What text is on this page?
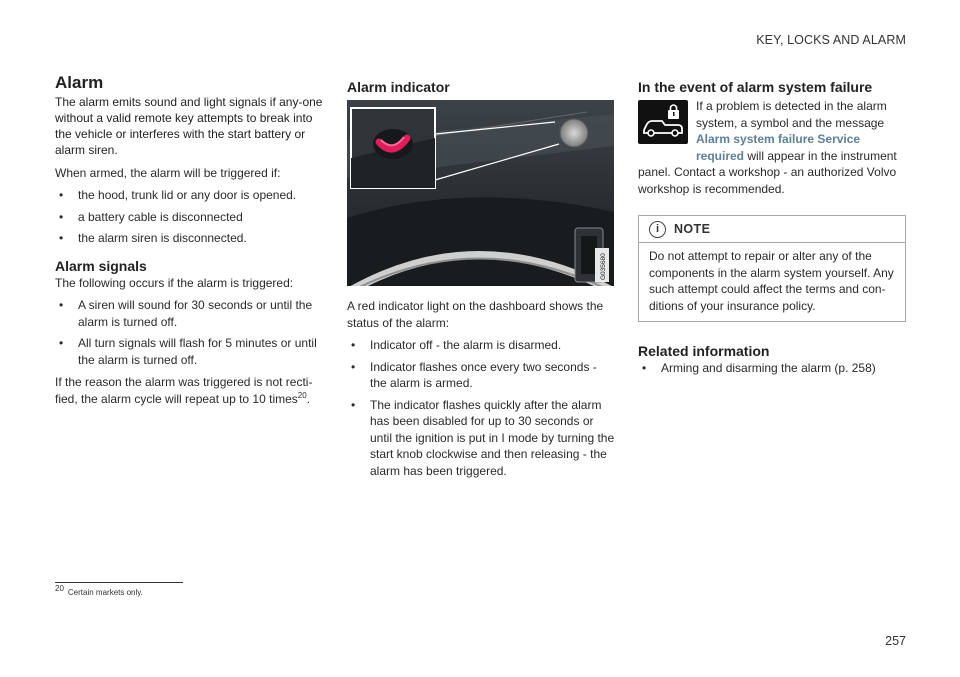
KEY, LOCKS AND ALARM
Alarm

The alarm emits sound and light signals if any-one without a valid remote key attempts to break into the vehicle or interferes with the start battery or alarm siren.

When armed, the alarm will be triggered if:

• the hood, trunk lid or any door is opened.
• a battery cable is disconnected
• the alarm siren is disconnected.
Alarm signals

The following occurs if the alarm is triggered:

• A siren will sound for 30 seconds or until the alarm is turned off.
• All turn signals will flash for 5 minutes or until the alarm is turned off.

If the reason the alarm was triggered is not recti-fied, the alarm cycle will repeat up to 10 times$^{20}$.

Alarm indicator
G035680

A red indicator light on the dashboard shows the status of the alarm:

• Indicator off - the alarm is disarmed.
• Indicator flashes once every two seconds - the alarm is armed.
• The indicator flashes quickly after the alarm has been disabled for up to 30 seconds or until the ignition is put in I mode by turning the start knob clockwise and then releasing - the alarm has been triggered.
In the event of alarm system failure

If a problem is detected in the alarm system, a symbol and the message Alarm system failure Service required will appear in the instrument panel. Contact a workshop - an authorized Volvo workshop is recommended.

i	NOTE
Do not attempt to repair or alter any of the components in the alarm system yourself. Any such attempt could affect the terms and con-ditions of your insurance policy.
Related information
• Arming and disarming the alarm (p. 258)
$^{20}$ Certain markets only.
257
